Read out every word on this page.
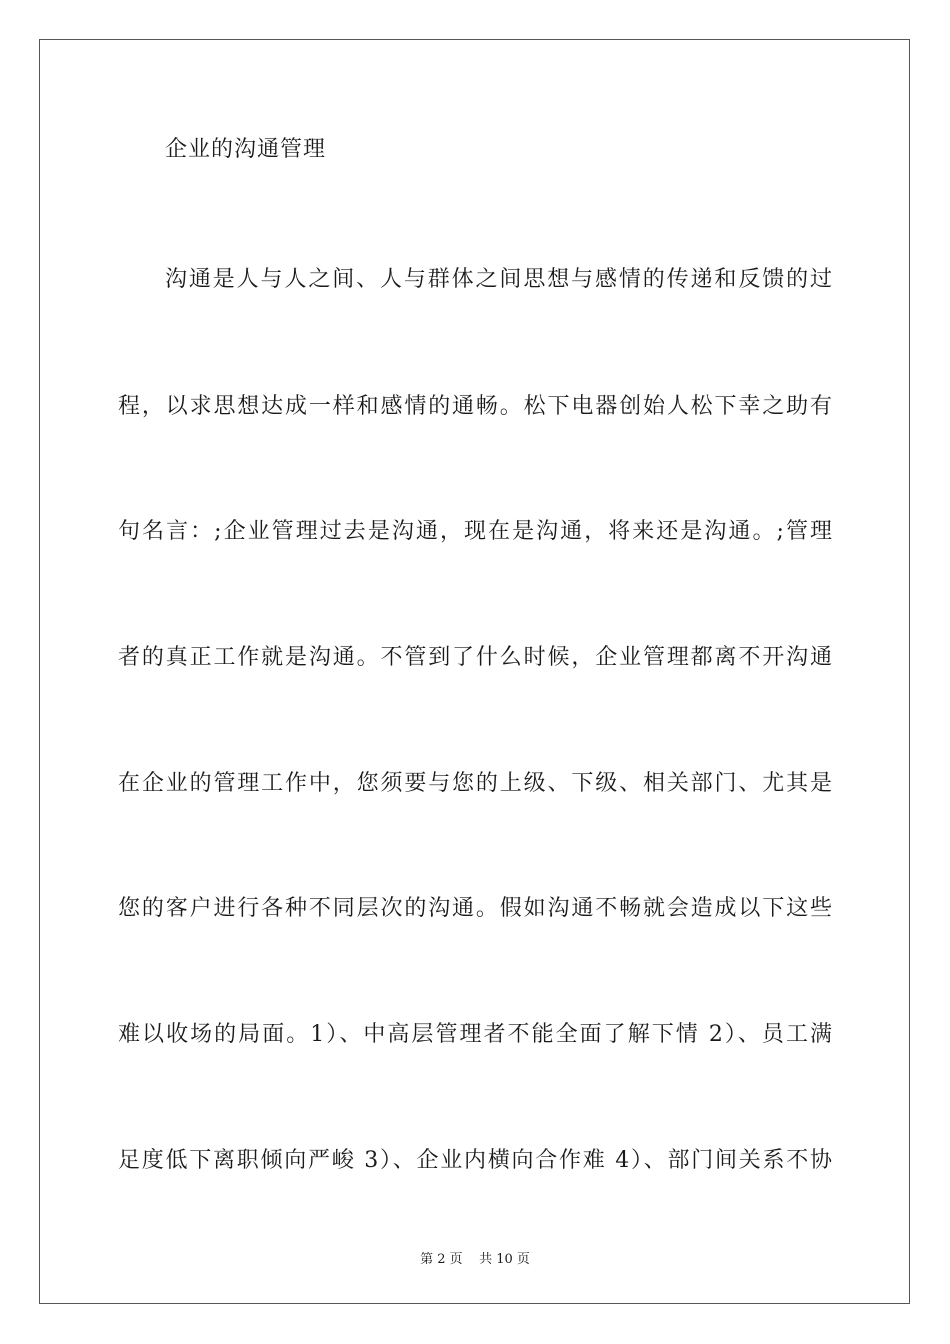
企业的沟通管理
沟通是人与人之间、人与群体之间思想与感情的传递和反馈的过
程，以求思想达成一样和感情的通畅。松下电器创始人松下幸之助有
句名言：;企业管理过去是沟通，现在是沟通，将来还是沟通。;管理
者的真正工作就是沟通。不管到了什么时候，企业管理都离不开沟通
在企业的管理工作中，您须要与您的上级、下级、相关部门、尤其是
您的客户进行各种不同层次的沟通。假如沟通不畅就会造成以下这些
难以收场的局面。1）、中高层管理者不能全面了解下情 2）、员工满
足度低下离职倾向严峻 3）、企业内横向合作难 4）、部门间关系不协
第 2 页    共 10 页
